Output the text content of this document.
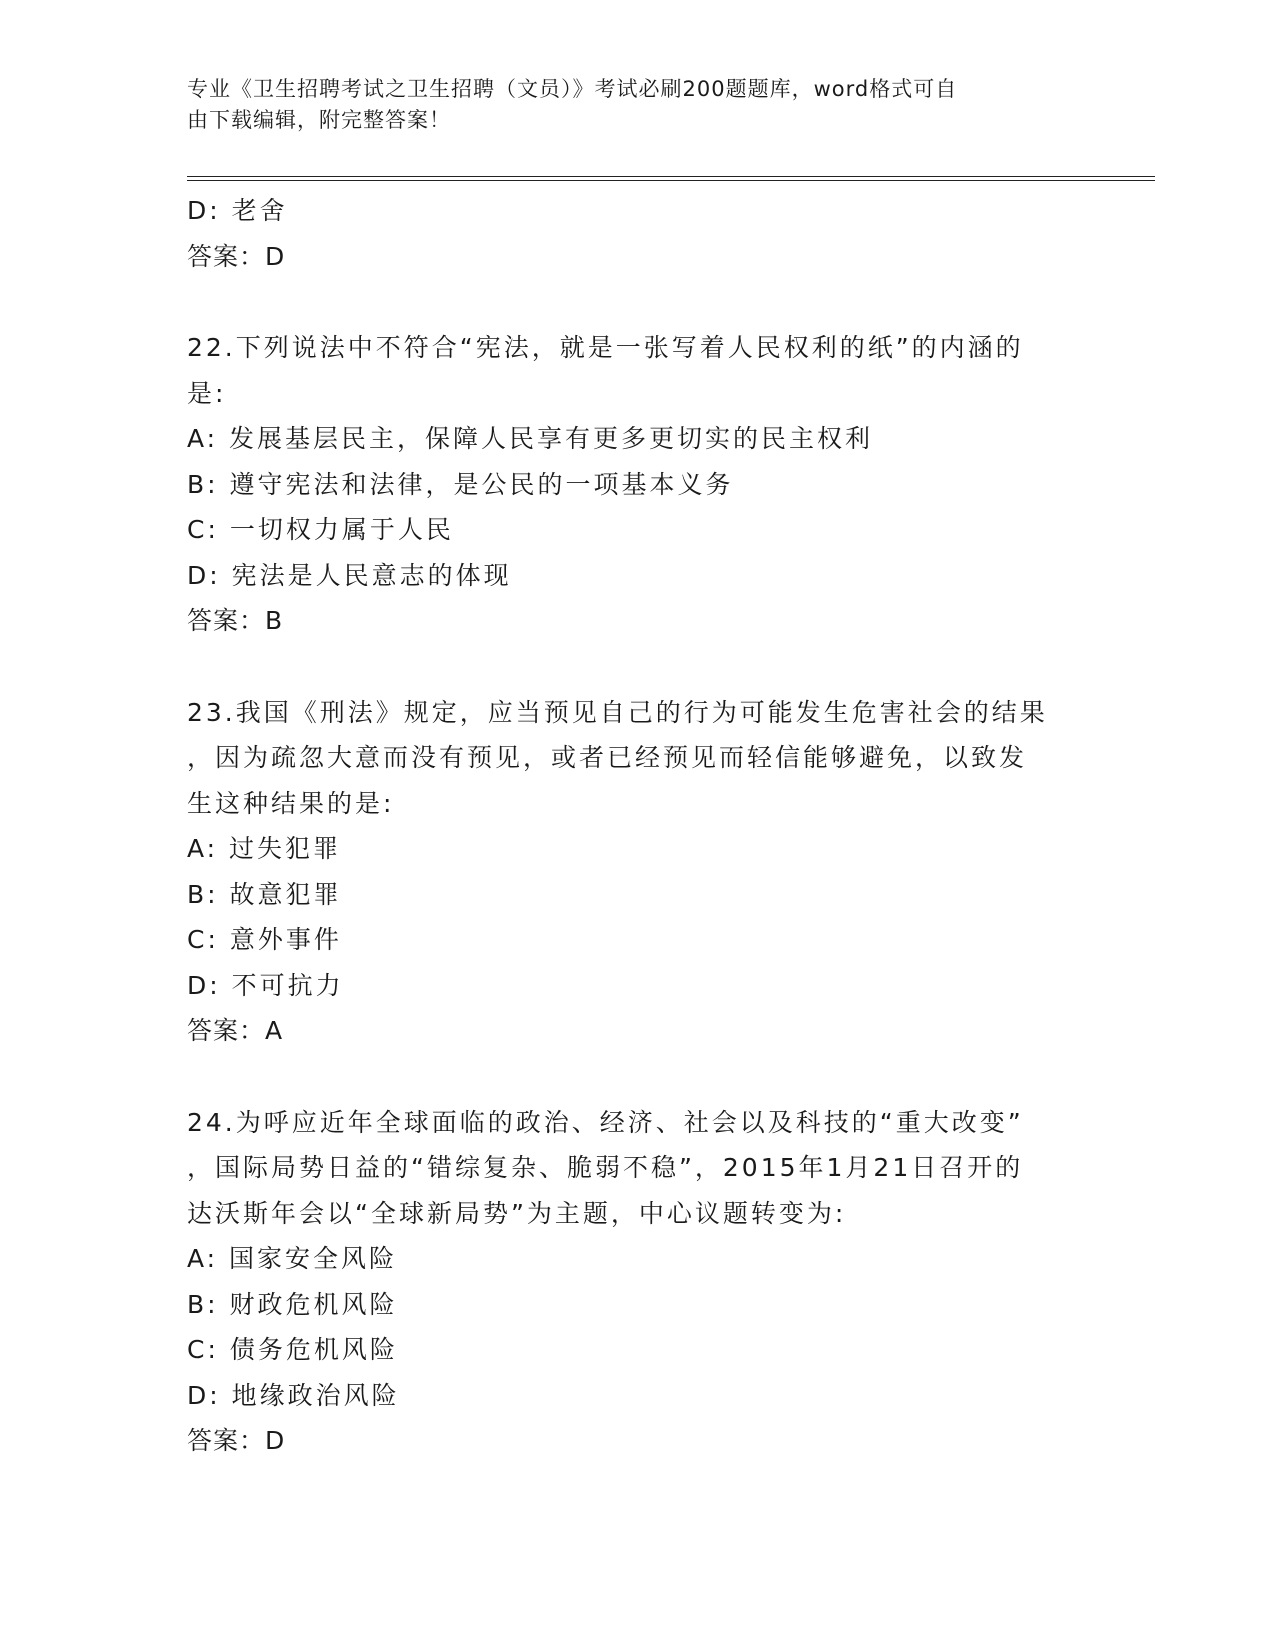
专业《卫生招聘考试之卫生招聘（文员）》考试必刷200题题库，word格式可自
由下载编辑，附完整答案！
D: 老舍
答案：D
22.下列说法中不符合“宪法，就是一张写着人民权利的纸”的内涵的
是:
A: 发展基层民主，保障人民享有更多更切实的民主权利
B: 遵守宪法和法律，是公民的一项基本义务
C: 一切权力属于人民
D: 宪法是人民意志的体现
答案：B
23.我国《刑法》规定，应当预见自己的行为可能发生危害社会的结果
，因为疏忽大意而没有预见，或者已经预见而轻信能够避免，以致发
生这种结果的是:
A: 过失犯罪
B: 故意犯罪
C: 意外事件
D: 不可抗力
答案：A
24.为呼应近年全球面临的政治、经济、社会以及科技的“重大改变”
，国际局势日益的“错综复杂、脆弱不稳”，2015年1月21日召开的
达沃斯年会以“全球新局势”为主题，中心议题转变为:
A: 国家安全风险
B: 财政危机风险
C: 债务危机风险
D: 地缘政治风险
答案：D
